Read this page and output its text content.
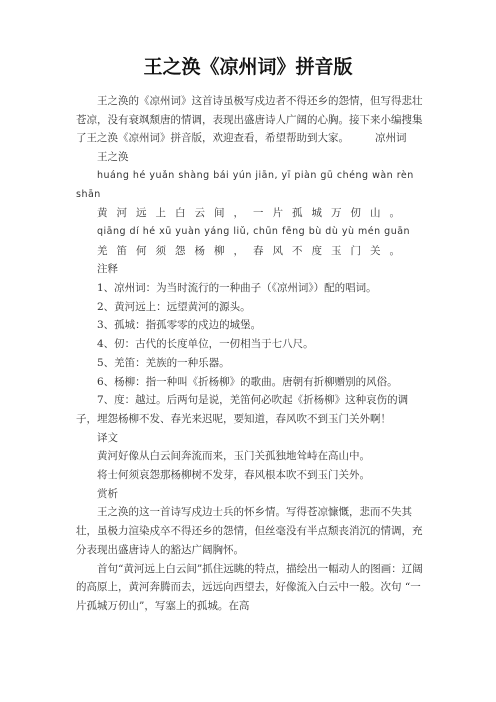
王之涣《凉州词》拼音版

王之涣的《凉州词》这首诗虽极写戍边者不得还乡的怨情，但写得悲壮苍凉，没有衰飒颓唐的情调，表现出盛唐诗人广阔的心胸。接下来小编搜集了王之涣《凉州词》拼音版，欢迎查看，希望帮助到大家。 凉州词

王之涣

huáng hé yuǎn shàng bái yún jiān, yī piàn gū chéng wàn rèn shān

黄河远上白云间，一片孤城万仞山。

qiāng dí hé xū yuàn yáng liǔ, chūn fēng bù dù yù mén guān

羌笛何须怨杨柳，春风不度玉门关。

注释

1、凉州词：为当时流行的一种曲子（《凉州词》）配的唱词。

2、黄河远上：远望黄河的源头。

3、孤城：指孤零零的戍边的城堡。

4、仞：古代的长度单位，一仞相当于七八尺。

5、羌笛：羌族的一种乐器。

6、杨柳：指一种叫《折杨柳》的歌曲。唐朝有折柳赠别的风俗。

7、度：越过。后两句是说，羌笛何必吹起《折杨柳》这种哀伤的调子，埋怨杨柳不发、春光来迟呢，要知道，春风吹不到玉门关外啊！

译文

黄河好像从白云间奔流而来，玉门关孤独地耸峙在高山中。

将士何须哀怨那杨柳树不发芽，春风根本吹不到玉门关外。

赏析

王之涣的这一首诗写戍边士兵的怀乡情。写得苍凉慷慨，悲而不失其壮，虽极力渲染戍卒不得还乡的怨情，但丝毫没有半点颓丧消沉的情调，充分表现出盛唐诗人的豁达广阔胸怀。

首句“黄河远上白云间”抓住远眺的特点，描绘出一幅动人的图画：辽阔的高原上，黄河奔腾而去，远远向西望去，好像流入白云中一般。次句 “一片孤城万仞山”，写塞上的孤城。在高
